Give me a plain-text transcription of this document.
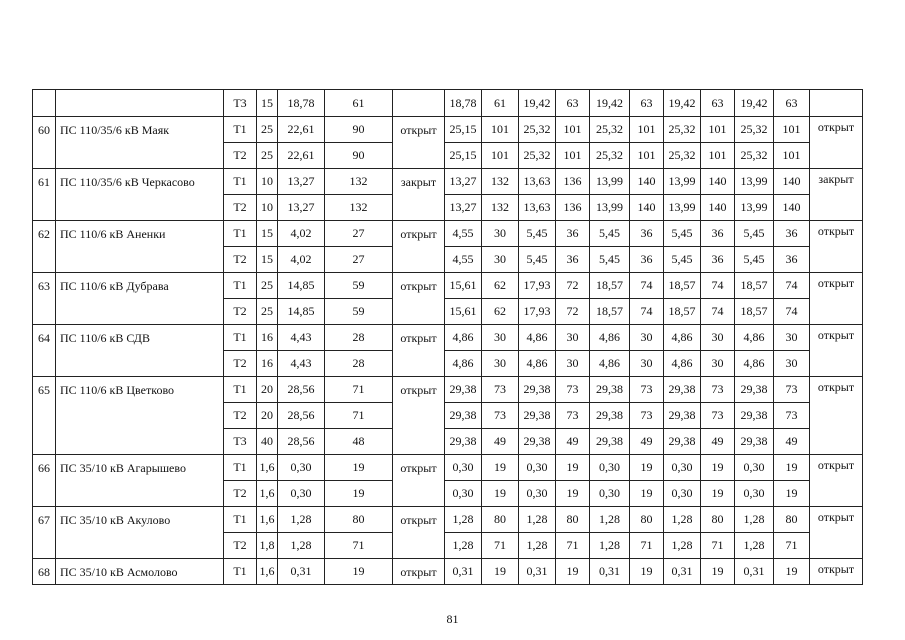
		Т3	15	18,78	61		18,78	61	19,42	63	19,42	63	19,42	63	19,42	63	
60	ПС 110/35/6 кВ Маяк	Т1	25	22,61	90	открыт	25,15	101	25,32	101	25,32	101	25,32	101	25,32	101	открыт
		Т2	25	22,61	90		25,15	101	25,32	101	25,32	101	25,32	101	25,32	101	
61	ПС 110/35/6 кВ Черкасово	Т1	10	13,27	132	закрыт	13,27	132	13,63	136	13,99	140	13,99	140	13,99	140	закрыт
		Т2	10	13,27	132		13,27	132	13,63	136	13,99	140	13,99	140	13,99	140	
62	ПС 110/6 кВ Аненки	Т1	15	4,02	27	открыт	4,55	30	5,45	36	5,45	36	5,45	36	5,45	36	открыт
		Т2	15	4,02	27		4,55	30	5,45	36	5,45	36	5,45	36	5,45	36	
63	ПС 110/6 кВ Дубрава	Т1	25	14,85	59	открыт	15,61	62	17,93	72	18,57	74	18,57	74	18,57	74	открыт
		Т2	25	14,85	59		15,61	62	17,93	72	18,57	74	18,57	74	18,57	74	
64	ПС 110/6 кВ СДВ	Т1	16	4,43	28	открыт	4,86	30	4,86	30	4,86	30	4,86	30	4,86	30	открыт
		Т2	16	4,43	28		4,86	30	4,86	30	4,86	30	4,86	30	4,86	30	
65	ПС 110/6 кВ Цветково	Т1	20	28,56	71	открыт	29,38	73	29,38	73	29,38	73	29,38	73	29,38	73	открыт
		Т2	20	28,56	71		29,38	73	29,38	73	29,38	73	29,38	73	29,38	73	
		Т3	40	28,56	48		29,38	49	29,38	49	29,38	49	29,38	49	29,38	49	
66	ПС 35/10 кВ Агарышево	Т1	1,6	0,30	19	открыт	0,30	19	0,30	19	0,30	19	0,30	19	0,30	19	открыт
		Т2	1,6	0,30	19		0,30	19	0,30	19	0,30	19	0,30	19	0,30	19	
67	ПС 35/10 кВ Акулово	Т1	1,6	1,28	80	открыт	1,28	80	1,28	80	1,28	80	1,28	80	1,28	80	открыт
		Т2	1,8	1,28	71		1,28	71	1,28	71	1,28	71	1,28	71	1,28	71	
68	ПС 35/10 кВ Асмолово	Т1	1,6	0,31	19	открыт	0,31	19	0,31	19	0,31	19	0,31	19	0,31	19	открыт
81
